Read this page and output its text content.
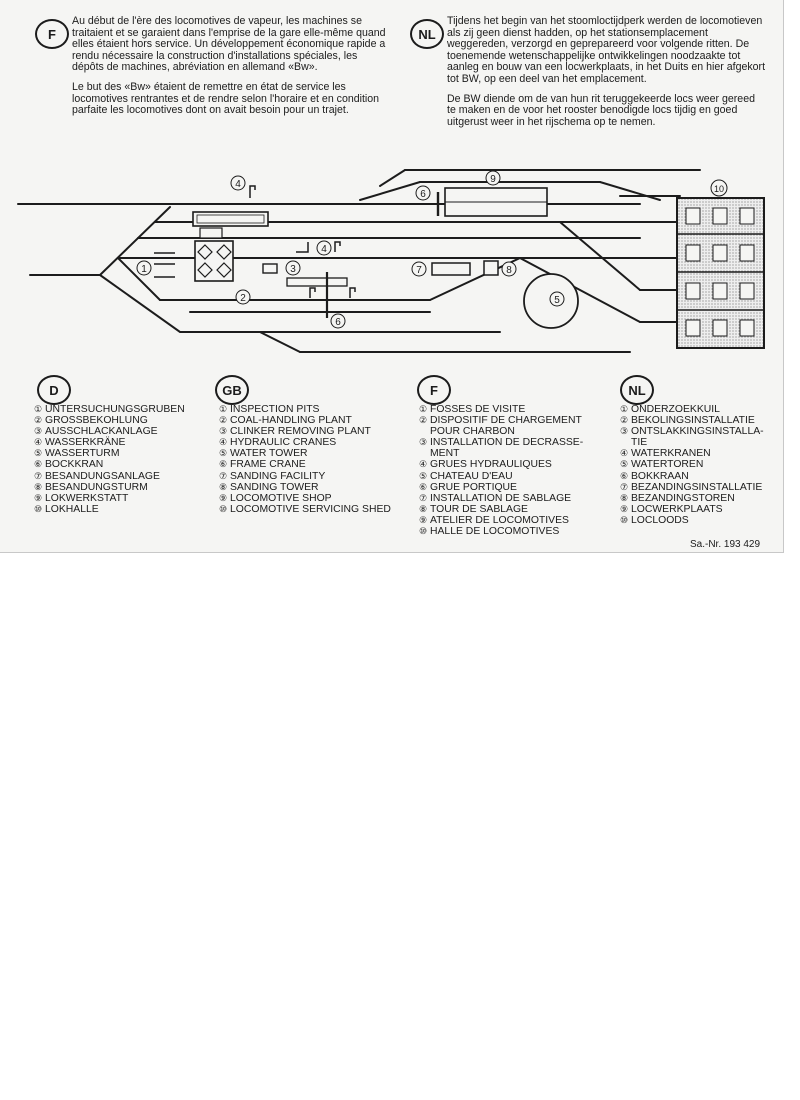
F

Au début de l'ère des locomotives de vapeur, les machines se traitaient et se garaient dans l'emprise de la gare elle-même quand elles étaient hors service. Un développement économique rapide a rendu nécessaire la construction d'installations spéciales, les dépôts de machines, abréviation en allemand «Bw».

Le but des «Bw» étaient de remettre en état de service les locomotives rentrantes et de rendre selon l'horaire et en condition parfaite les locomotives dont on avait besoin pour un trajet.

NL

Tijdens het begin van het stoomloctijdperk werden de locomotieven als zij geen dienst hadden, op het stationsemplacement weggereden, verzorgd en geprepareerd voor volgende ritten. De toenemende wetenschappelijke ontwikkelingen noodzaakte tot aanleg en bouw van een locwerkplaats, in het Duits en hier afgekort tot BW, op een deel van het emplacement.

De BW diende om de van hun rit teruggekeerde locs weer gereed te maken en de voor het rooster benodigde locs tijdig en goed uitgerust weer in het rijschema op te nemen.

1
2
3
4
4
5
6
6
7	8
9
10
D	GB	F	NL
① UNTERSUCHUNGSGRUBEN
② GROSSBEKOHLUNG
③ AUSSCHLACKANLAGE
④ WASSERKRÄNE
⑤ WASSERTURM
⑥ BOCKKRAN
⑦ BESANDUNGSANLAGE
⑧ BESANDUNGSTURM
⑨ LOKWERKSTATT
⑩ LOKHALLE
① INSPECTION PITS
② COAL-HANDLING PLANT
③ CLINKER REMOVING PLANT
④ HYDRAULIC CRANES
⑤ WATER TOWER
⑥ FRAME CRANE
⑦ SANDING FACILITY
⑧ SANDING TOWER
⑨ LOCOMOTIVE SHOP
⑩ LOCOMOTIVE SERVICING SHED
① FOSSES DE VISITE
② DISPOSITIF DE CHARGEMENT
POUR CHARBON
③ INSTALLATION DE DECRASSE-
MENT
④ GRUES HYDRAULIQUES
⑤ CHATEAU D'EAU
⑥ GRUE PORTIQUE
⑦ INSTALLATION DE SABLAGE
⑧ TOUR DE SABLAGE
⑨ ATELIER DE LOCOMOTIVES
⑩ HALLE DE LOCOMOTIVES
① ONDERZOEKKUIL
② BEKOLINGSINSTALLATIE
③ ONTSLAKKINGSINSTALLA-
TIE
④ WATERKRANEN
⑤ WATERTOREN
⑥ BOKKRAAN
⑦ BEZANDINGSINSTALLATIE
⑧ BEZANDINGSTOREN
⑨ LOCWERKPLAATS
⑩ LOCLOODS
Sa.-Nr. 193 429
